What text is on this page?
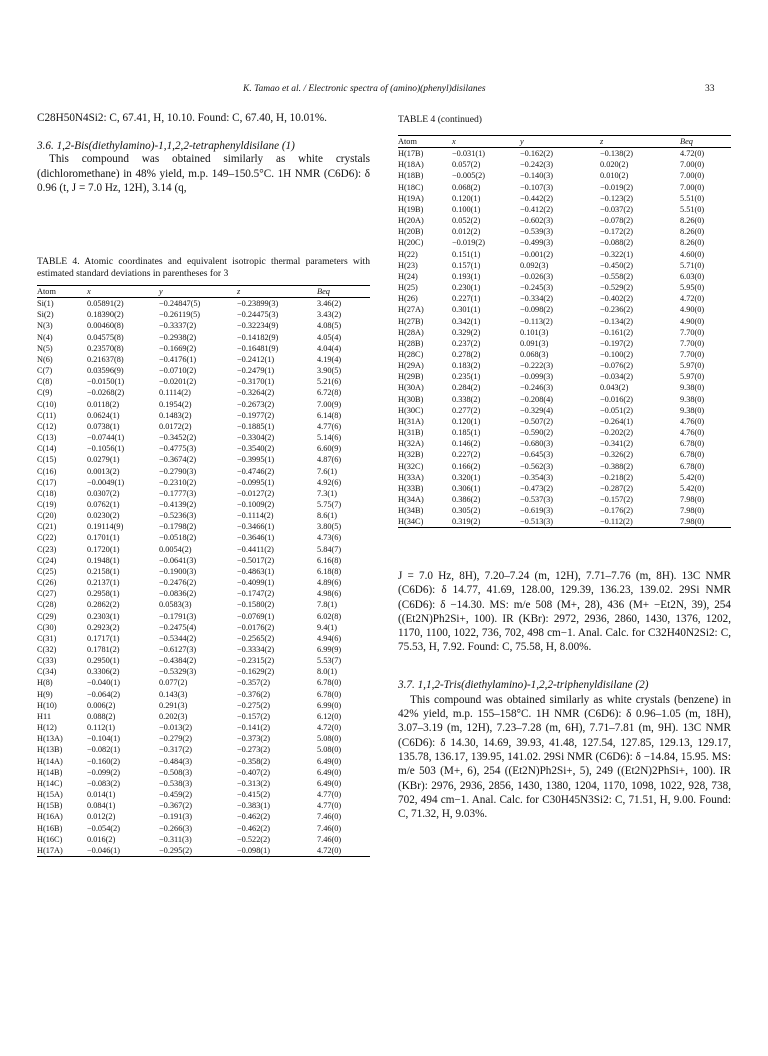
K. Tamao et al. / Electronic spectra of (amino)(phenyl)disilanes	33

C28H50N4Si2: C, 67.41, H, 10.10. Found: C, 67.40, H, 10.01%.

3.6. 1,2-Bis(diethylamino)-1,1,2,2-tetraphenyldisilane (1)

This compound was obtained similarly as white crystals (dichloromethane) in 48% yield, m.p. 149–150.5°C. 1H NMR (C6D6): δ 0.96 (t, J = 7.0 Hz, 12H), 3.14 (q,

TABLE 4. Atomic coordinates and equivalent isotropic thermal parameters with estimated standard deviations in parentheses for 3
Atom	x	y	z	Beq
Si(1)	0.05891(2)	−0.24847(5)	−0.23899(3)	3.46(2)
Si(2)	0.18390(2)	−0.26119(5)	−0.24475(3)	3.43(2)
N(3)	0.00460(8)	−0.3337(2)	−0.32234(9)	4.08(5)
N(4)	0.04575(8)	−0.2938(2)	−0.14182(9)	4.05(4)
N(5)	0.23570(8)	−0.1669(2)	−0.16481(9)	4.04(4)
N(6)	0.21637(8)	−0.4176(1)	−0.2412(1)	4.19(4)
C(7)	0.03596(9)	−0.0710(2)	−0.2479(1)	3.90(5)
C(8)	−0.0150(1)	−0.0201(2)	−0.3170(1)	5.21(6)
C(9)	−0.0268(2)	0.1114(2)	−0.3264(2)	6.72(8)
C(10)	0.0118(2)	0.1954(2)	−0.2673(2)	7.00(9)
C(11)	0.0624(1)	0.1483(2)	−0.1977(2)	6.14(8)
C(12)	0.0738(1)	0.0172(2)	−0.1885(1)	4.77(6)
C(13)	−0.0744(1)	−0.3452(2)	−0.3304(2)	5.14(6)
C(14)	−0.1056(1)	−0.4775(3)	−0.3540(2)	6.60(9)
C(15)	0.0279(1)	−0.3674(2)	−0.3995(1)	4.87(6)
C(16)	0.0013(2)	−0.2790(3)	−0.4746(2)	7.6(1)
C(17)	−0.0049(1)	−0.2310(2)	−0.0995(1)	4.92(6)
C(18)	0.0307(2)	−0.1777(3)	−0.0127(2)	7.3(1)
C(19)	0.0762(1)	−0.4139(2)	−0.1009(2)	5.75(7)
C(20)	0.0230(2)	−0.5236(3)	−0.1114(2)	8.6(1)
C(21)	0.19114(9)	−0.1798(2)	−0.3466(1)	3.80(5)
C(22)	0.1701(1)	−0.0518(2)	−0.3646(1)	4.73(6)
C(23)	0.1720(1)	0.0054(2)	−0.4411(2)	5.84(7)
C(24)	0.1948(1)	−0.0641(3)	−0.5017(2)	6.16(8)
C(25)	0.2158(1)	−0.1900(3)	−0.4863(1)	6.18(8)
C(26)	0.2137(1)	−0.2476(2)	−0.4099(1)	4.89(6)
C(27)	0.2958(1)	−0.0836(2)	−0.1747(2)	4.98(6)
C(28)	0.2862(2)	0.0583(3)	−0.1580(2)	7.8(1)
C(29)	0.2303(1)	−0.1791(3)	−0.0769(1)	6.02(8)
C(30)	0.2923(2)	−0.2475(4)	−0.0176(2)	9.4(1)
C(31)	0.1717(1)	−0.5344(2)	−0.2565(2)	4.94(6)
C(32)	0.1781(2)	−0.6127(3)	−0.3334(2)	6.99(9)
C(33)	0.2950(1)	−0.4384(2)	−0.2315(2)	5.53(7)
C(34)	0.3306(2)	−0.5329(3)	−0.1629(2)	8.0(1)
H(8)	−0.040(1)	0.077(2)	−0.357(2)	6.78(0)
H(9)	−0.064(2)	0.143(3)	−0.376(2)	6.78(0)
H(10)	0.006(2)	0.291(3)	−0.275(2)	6.99(0)
H11	0.088(2)	0.202(3)	−0.157(2)	6.12(0)
H(12)	0.112(1)	−0.013(2)	−0.141(2)	4.72(0)
H(13A)	−0.104(1)	−0.279(2)	−0.373(2)	5.08(0)
H(13B)	−0.082(1)	−0.317(2)	−0.273(2)	5.08(0)
H(14A)	−0.160(2)	−0.484(3)	−0.358(2)	6.49(0)
H(14B)	−0.099(2)	−0.508(3)	−0.407(2)	6.49(0)
H(14C)	−0.083(2)	−0.538(3)	−0.313(2)	6.49(0)
H(15A)	0.014(1)	−0.459(2)	−0.415(2)	4.77(0)
H(15B)	0.084(1)	−0.367(2)	−0.383(1)	4.77(0)
H(16A)	0.012(2)	−0.191(3)	−0.462(2)	7.46(0)
H(16B)	−0.054(2)	−0.266(3)	−0.462(2)	7.46(0)
H(16C)	0.016(2)	−0.311(3)	−0.522(2)	7.46(0)
H(17A)	−0.046(1)	−0.295(2)	−0.098(1)	4.72(0)
TABLE 4 (continued)
Atom	x	y	z	Beq
H(17B)	−0.031(1)	−0.162(2)	−0.138(2)	4.72(0)
H(18A)	0.057(2)	−0.242(3)	0.020(2)	7.00(0)
H(18B)	−0.005(2)	−0.140(3)	0.010(2)	7.00(0)
H(18C)	0.068(2)	−0.107(3)	−0.019(2)	7.00(0)
H(19A)	0.120(1)	−0.442(2)	−0.123(2)	5.51(0)
H(19B)	0.100(1)	−0.412(2)	−0.037(2)	5.51(0)
H(20A)	0.052(2)	−0.602(3)	−0.078(2)	8.26(0)
H(20B)	0.012(2)	−0.539(3)	−0.172(2)	8.26(0)
H(20C)	−0.019(2)	−0.499(3)	−0.088(2)	8.26(0)
H(22)	0.151(1)	−0.001(2)	−0.322(1)	4.60(0)
H(23)	0.157(1)	0.092(3)	−0.450(2)	5.71(0)
H(24)	0.193(1)	−0.026(3)	−0.558(2)	6.03(0)
H(25)	0.230(1)	−0.245(3)	−0.529(2)	5.95(0)
H(26)	0.227(1)	−0.334(2)	−0.402(2)	4.72(0)
H(27A)	0.301(1)	−0.098(2)	−0.236(2)	4.90(0)
H(27B)	0.342(1)	−0.113(2)	−0.134(2)	4.90(0)
H(28A)	0.329(2)	0.101(3)	−0.161(2)	7.70(0)
H(28B)	0.237(2)	0.091(3)	−0.197(2)	7.70(0)
H(28C)	0.278(2)	0.068(3)	−0.100(2)	7.70(0)
H(29A)	0.183(2)	−0.222(3)	−0.076(2)	5.97(0)
H(29B)	0.235(1)	−0.099(3)	−0.034(2)	5.97(0)
H(30A)	0.284(2)	−0.246(3)	0.043(2)	9.38(0)
H(30B)	0.338(2)	−0.208(4)	−0.016(2)	9.38(0)
H(30C)	0.277(2)	−0.329(4)	−0.051(2)	9.38(0)
H(31A)	0.120(1)	−0.507(2)	−0.264(1)	4.76(0)
H(31B)	0.185(1)	−0.590(2)	−0.202(2)	4.76(0)
H(32A)	0.146(2)	−0.680(3)	−0.341(2)	6.78(0)
H(32B)	0.227(2)	−0.645(3)	−0.326(2)	6.78(0)
H(32C)	0.166(2)	−0.562(3)	−0.388(2)	6.78(0)
H(33A)	0.320(1)	−0.354(3)	−0.218(2)	5.42(0)
H(33B)	0.306(1)	−0.473(2)	−0.287(2)	5.42(0)
H(34A)	0.386(2)	−0.537(3)	−0.157(2)	7.98(0)
H(34B)	0.305(2)	−0.619(3)	−0.176(2)	7.98(0)
H(34C)	0.319(2)	−0.513(3)	−0.112(2)	7.98(0)

J = 7.0 Hz, 8H), 7.20–7.24 (m, 12H), 7.71–7.76 (m, 8H). 13C NMR (C6D6): δ 14.77, 41.69, 128.00, 129.39, 136.23, 139.02. 29Si NMR (C6D6): δ −14.30. MS: m/e 508 (M+, 28), 436 (M+ −Et2N, 39), 254 ((Et2N)Ph2Si+, 100). IR (KBr): 2972, 2936, 2860, 1430, 1376, 1202, 1170, 1100, 1022, 736, 702, 498 cm−1. Anal. Calc. for C32H40N2Si2: C, 75.53, H, 7.92. Found: C, 75.58, H, 8.00%.

3.7. 1,1,2-Tris(diethylamino)-1,2,2-triphenyldisilane (2)

This compound was obtained similarly as white crystals (benzene) in 42% yield, m.p. 155–158°C. 1H NMR (C6D6): δ 0.96–1.05 (m, 18H), 3.07–3.19 (m, 12H), 7.23–7.28 (m, 6H), 7.71–7.81 (m, 9H). 13C NMR (C6D6): δ 14.30, 14.69, 39.93, 41.48, 127.54, 127.85, 129.13, 129.17, 135.78, 136.17, 139.95, 141.02. 29Si NMR (C6D6): δ −14.84, 15.95. MS: m/e 503 (M+, 6), 254 ((Et2N)Ph2Si+, 5), 249 ((Et2N)2PhSi+, 100). IR (KBr): 2976, 2936, 2856, 1430, 1380, 1204, 1170, 1098, 1022, 928, 738, 702, 494 cm−1. Anal. Calc. for C30H45N3Si2: C, 71.51, H, 9.00. Found: C, 71.32, H, 9.03%.
